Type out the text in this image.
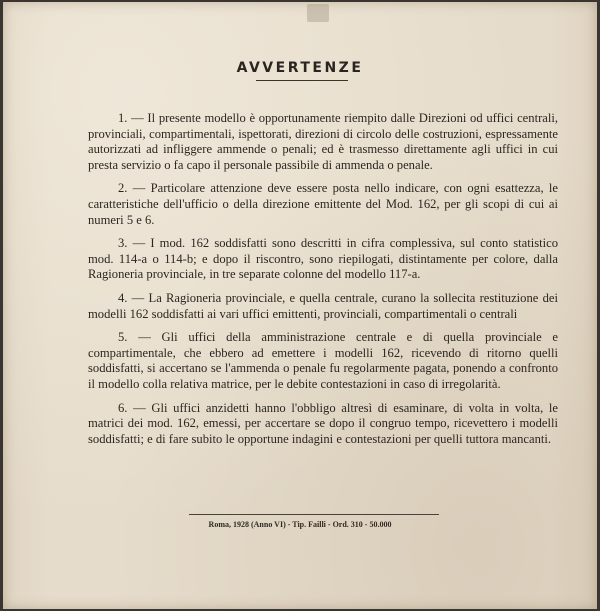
AVVERTENZE

1. — Il presente modello è opportunamente riempito dalle Direzioni od uffici centrali, provinciali, compartimentali, ispettorati, direzioni di circolo delle costruzioni, espressamente autorizzati ad infliggere ammende o penali; ed è trasmesso direttamente agli uffici in cui presta servizio o fa capo il personale passibile di ammenda o penale.

2. — Particolare attenzione deve essere posta nello indicare, con ogni esattezza, le caratteristiche dell'ufficio o della direzione emittente del Mod. 162, per gli scopi di cui ai numeri 5 e 6.

3. — I mod. 162 soddisfatti sono descritti in cifra complessiva, sul conto statistico mod. 114-a o 114-b; e dopo il riscontro, sono riepilogati, distintamente per colore, dalla Ragioneria provinciale, in tre separate colonne del modello 117-a.

4. — La Ragioneria provinciale, e quella centrale, curano la sollecita restituzione dei modelli 162 soddisfatti ai vari uffici emittenti, provinciali, compartimentali o centrali

5. — Gli uffici della amministrazione centrale e di quella provinciale e compartimentale, che ebbero ad emettere i modelli 162, ricevendo di ritorno quelli soddisfatti, si accertano se l'ammenda o penale fu regolarmente pagata, ponendo a confronto il modello colla relativa matrice, per le debite contestazioni in caso di irregolarità.

6. — Gli uffici anzidetti hanno l'obbligo altresì di esaminare, di volta in volta, le matrici dei mod. 162, emessi, per accertare se dopo il congruo tempo, ricevettero i modelli soddisfatti; e di fare subito le opportune indagini e contestazioni per quelli tuttora mancanti.

Roma, 1928 (Anno VI) - Tip. Failli - Ord. 310 - 50.000
